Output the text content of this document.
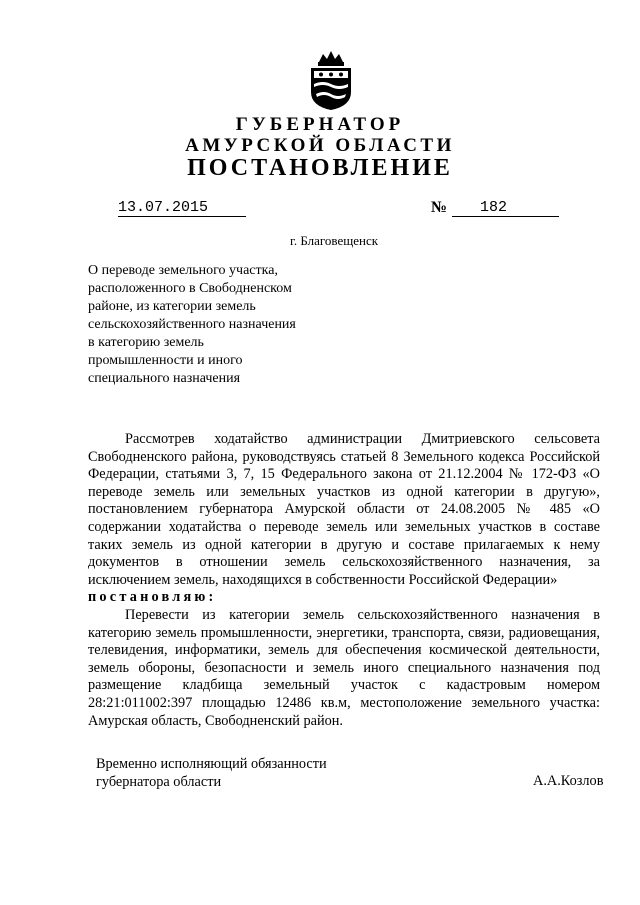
ГУБЕРНАТОР
АМУРСКОЙ ОБЛАСТИ
ПОСТАНОВЛЕНИЕ
13.07.2015	№	182
г. Благовещенск
О переводе земельного участка,
расположенного в Свободненском
районе, из категории земель
сельскохозяйственного назначения
в категорию земель
промышленности и иного
специального назначения
Рассмотрев ходатайство администрации Дмитриевского сельсовета Свободненского района, руководствуясь статьей 8 Земельного кодекса Российской Федерации, статьями 3, 7, 15 Федерального закона от 21.12.2004 № 172-ФЗ «О переводе земель или земельных участков из одной категории в другую», постановлением губернатора Амурской области от 24.08.2005 № 485 «О содержании ходатайства о переводе земель или земельных участков в составе таких земель из одной категории в другую и составе прилагаемых к нему документов в отношении земель сельскохозяйственного назначения, за исключением земель, находящихся в собственности Российской Федерации»
постановляю:
Перевести из категории земель сельскохозяйственного назначения в категорию земель промышленности, энергетики, транспорта, связи, радиовещания, телевидения, информатики, земель для обеспечения космической деятельности, земель обороны, безопасности и земель иного специального назначения под размещение кладбища земельный участок с кадастровым номером 28:21:011002:397 площадью 12486 кв.м, местоположение земельного участка: Амурская область, Свободненский район.
Временно исполняющий обязанности
губернатора области	А.А.Козлов
